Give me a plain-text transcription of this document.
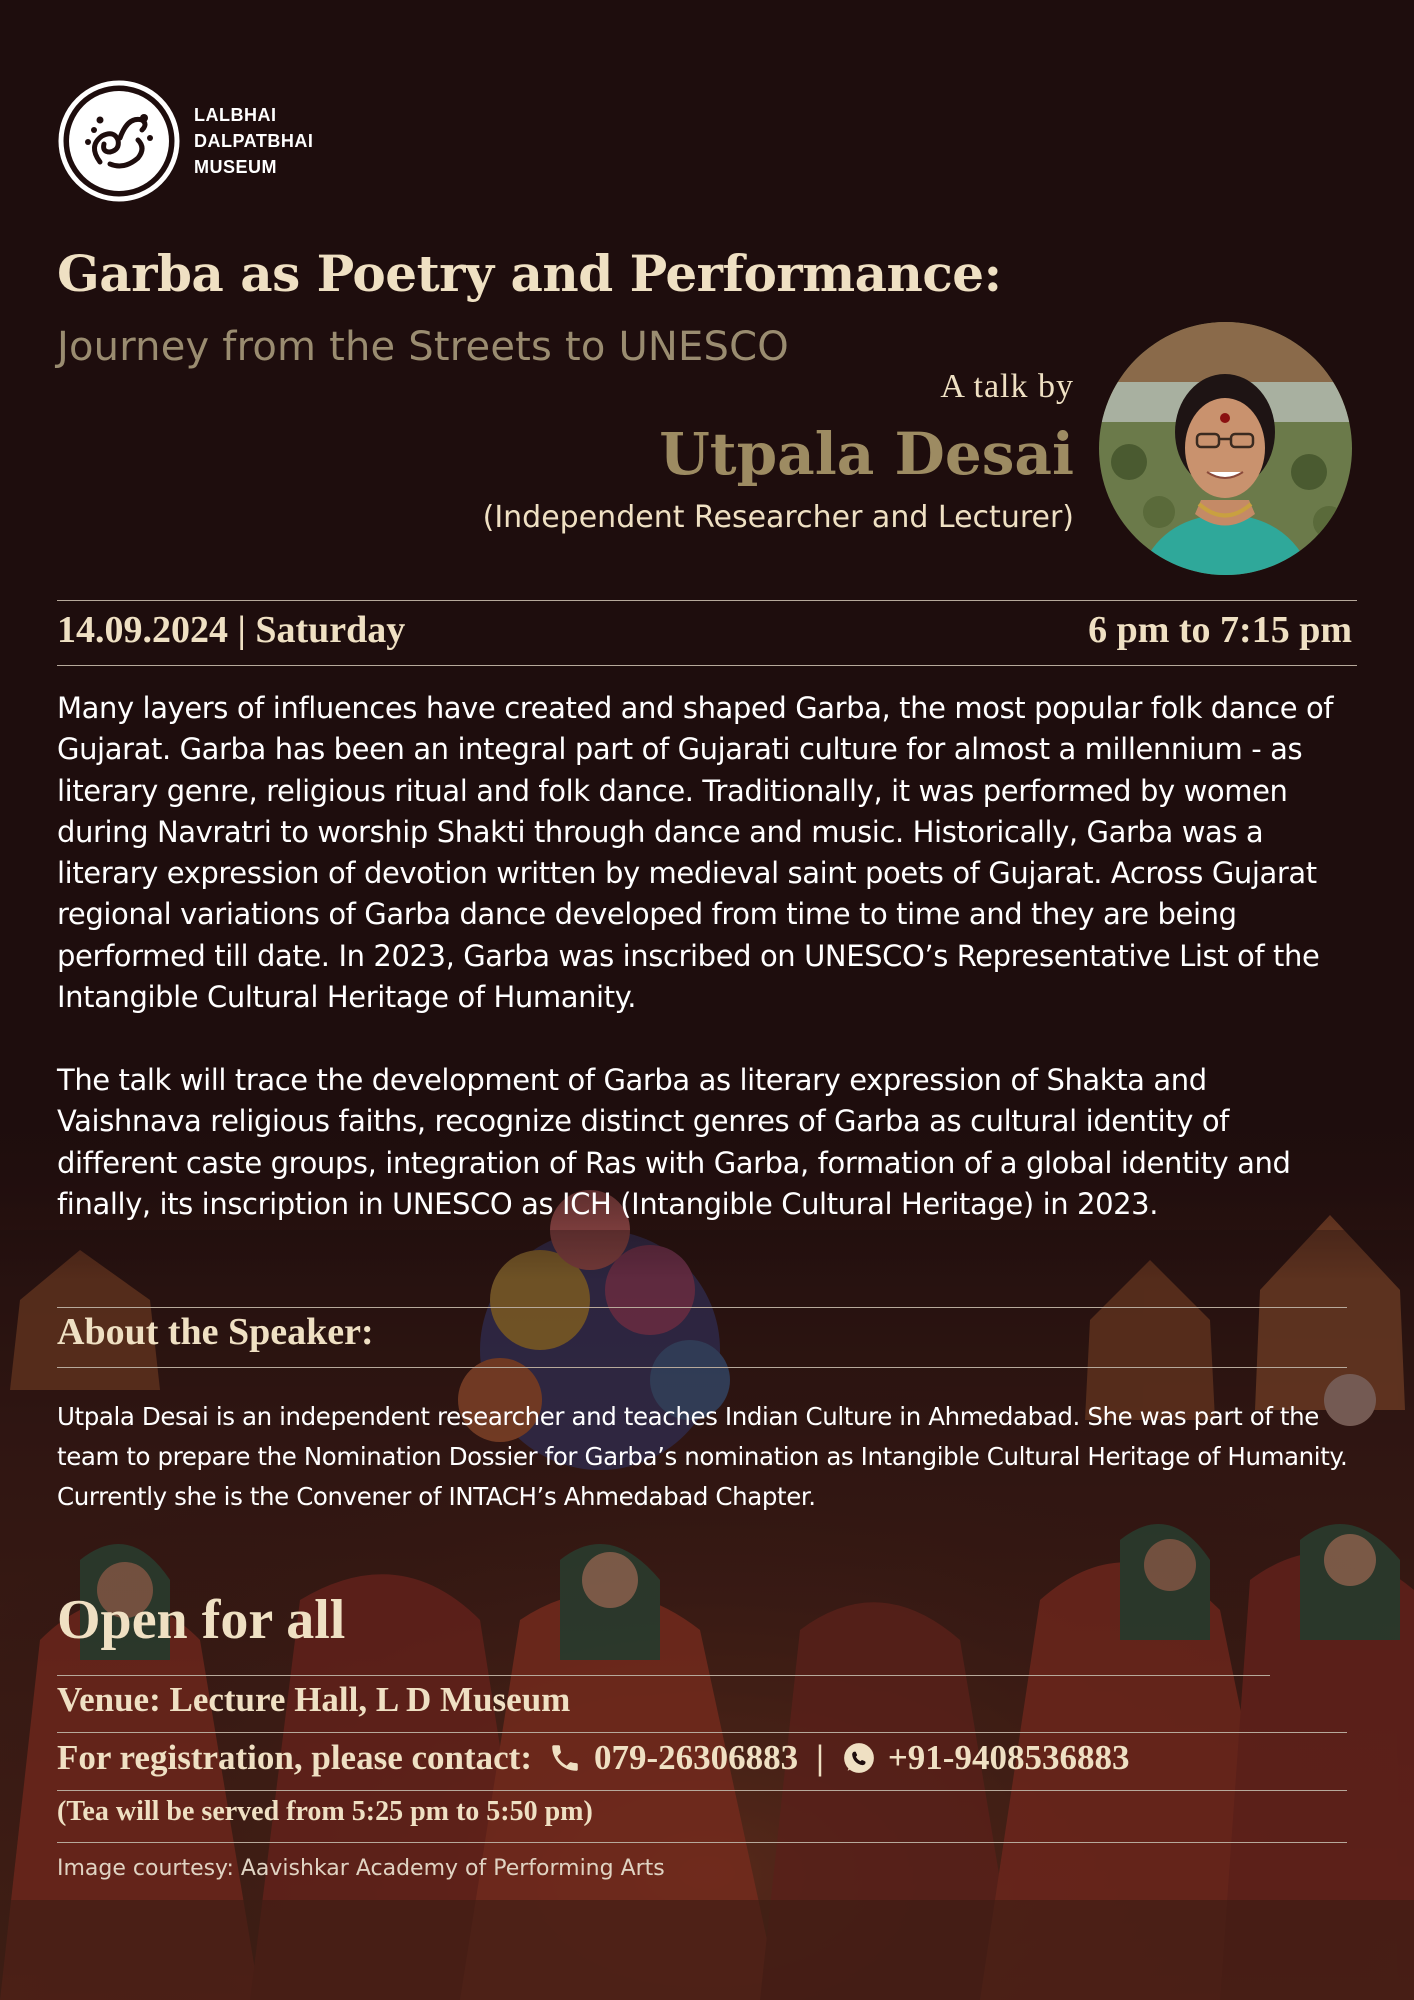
LALBHAI
DALPATBHAI
MUSEUM
Garba as Poetry and Performance:
Journey from the Streets to UNESCO
A talk by
Utpala Desai
(Independent Researcher and Lecturer)
14.09.2024 | Saturday	6 pm to 7:15 pm

Many layers of influences have created and shaped Garba, the most popular folk dance of Gujarat. Garba has been an integral part of Gujarati culture for almost a millennium - as literary genre, religious ritual and folk dance. Traditionally, it was performed by women during Navratri to worship Shakti through dance and music. Historically, Garba was a literary expression of devotion written by medieval saint poets of Gujarat. Across Gujarat regional variations of Garba dance developed from time to time and they are being performed till date. In 2023, Garba was inscribed on UNESCO’s Representative List of the Intangible Cultural Heritage of Humanity.

The talk will trace the development of Garba as literary expression of Shakta and Vaishnava religious faiths, recognize distinct genres of Garba as cultural identity of different caste groups, integration of Ras with Garba, formation of a global identity and finally, its inscription in UNESCO as ICH (Intangible Cultural Heritage) in 2023.

About the Speaker:

Utpala Desai is an independent researcher and teaches Indian Culture in Ahmedabad. She was part of the team to prepare the Nomination Dossier for Garba’s nomination as Intangible Cultural Heritage of Humanity. Currently she is the Convener of INTACH’s Ahmedabad Chapter.

Open for all
Venue: Lecture Hall, L D Museum
For registration, please contact: 079-26306883 | +91-9408536883
(Tea will be served from 5:25 pm to 5:50 pm)
Image courtesy: Aavishkar Academy of Performing Arts
